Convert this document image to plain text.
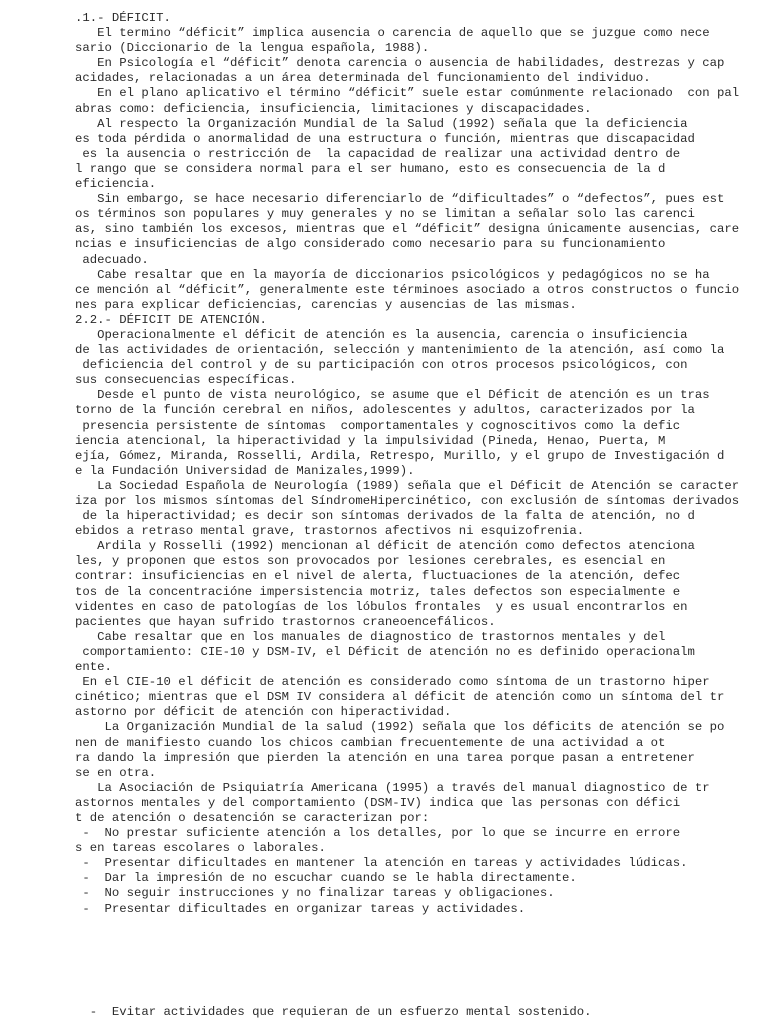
.1.- DÉFICIT.
El termino “déficit” implica ausencia o carencia de aquello que se juzgue como nece
sario (Diccionario de la lengua española, 1988).
En Psicología el “déficit” denota carencia o ausencia de habilidades, destrezas y cap
acidades, relacionadas a un área determinada del funcionamiento del individuo.
En el plano aplicativo el término “déficit” suele estar comúnmente relacionado  con pal
abras como: deficiencia, insuficiencia, limitaciones y discapacidades.
Al respecto la Organización Mundial de la Salud (1992) señala que la deficiencia
es toda pérdida o anormalidad de una estructura o función, mientras que discapacidad
es la ausencia o restricción de  la capacidad de realizar una actividad dentro de
l rango que se considera normal para el ser humano, esto es consecuencia de la d
eficiencia.
Sin embargo, se hace necesario diferenciarlo de “dificultades” o “defectos”, pues est
os términos son populares y muy generales y no se limitan a señalar solo las carenci
as, sino también los excesos, mientras que el “déficit” designa únicamente ausencias, care
ncias e insuficiencias de algo considerado como necesario para su funcionamiento
adecuado.
Cabe resaltar que en la mayoría de diccionarios psicológicos y pedagógicos no se ha
ce mención al “déficit”, generalmente este términoes asociado a otros constructos o funcio
nes para explicar deficiencias, carencias y ausencias de las mismas.
2.2.- DÉFICIT DE ATENCIÓN.
Operacionalmente el déficit de atención es la ausencia, carencia o insuficiencia
de las actividades de orientación, selección y mantenimiento de la atención, así como la
deficiencia del control y de su participación con otros procesos psicológicos, con
sus consecuencias específicas.
Desde el punto de vista neurológico, se asume que el Déficit de atención es un tras
torno de la función cerebral en niños, adolescentes y adultos, caracterizados por la
presencia persistente de síntomas  comportamentales y cognoscitivos como la defic
iencia atencional, la hiperactividad y la impulsividad (Pineda, Henao, Puerta, M
ejía, Gómez, Miranda, Rosselli, Ardila, Retrespo, Murillo, y el grupo de Investigación d
e la Fundación Universidad de Manizales,1999).
La Sociedad Española de Neurología (1989) señala que el Déficit de Atención se caracter
iza por los mismos síntomas del SíndromeHipercinético, con exclusión de síntomas derivados
de la hiperactividad; es decir son síntomas derivados de la falta de atención, no d
ebidos a retraso mental grave, trastornos afectivos ni esquizofrenia.
Ardila y Rosselli (1992) mencionan al déficit de atención como defectos atenciona
les, y proponen que estos son provocados por lesiones cerebrales, es esencial en
contrar: insuficiencias en el nivel de alerta, fluctuaciones de la atención, defec
tos de la concentracióne impersistencia motriz, tales defectos son especialmente e
videntes en caso de patologías de los lóbulos frontales  y es usual encontrarlos en
pacientes que hayan sufrido trastornos craneoencefálicos.
Cabe resaltar que en los manuales de diagnostico de trastornos mentales y del
comportamiento: CIE-10 y DSM-IV, el Déficit de atención no es definido operacionalm
ente.
En el CIE-10 el déficit de atención es considerado como síntoma de un trastorno hiper
cinético; mientras que el DSM IV considera al déficit de atención como un síntoma del tr
astorno por déficit de atención con hiperactividad.
La Organización Mundial de la salud (1992) señala que los déficits de atención se po
nen de manifiesto cuando los chicos cambian frecuentemente de una actividad a ot
ra dando la impresión que pierden la atención en una tarea porque pasan a entretener
se en otra.
La Asociación de Psiquiatría Americana (1995) a través del manual diagnostico de tr
astornos mentales y del comportamiento (DSM-IV) indica que las personas con défici
t de atención o desatención se caracterizan por:
-  No prestar suficiente atención a los detalles, por lo que se incurre en errore
s en tareas escolares o laborales.
-  Presentar dificultades en mantener la atención en tareas y actividades lúdicas.
-  Dar la impresión de no escuchar cuando se le habla directamente.
-  No seguir instrucciones y no finalizar tareas y obligaciones.
-  Presentar dificultades en organizar tareas y actividades.
-  Evitar actividades que requieran de un esfuerzo mental sostenido.
